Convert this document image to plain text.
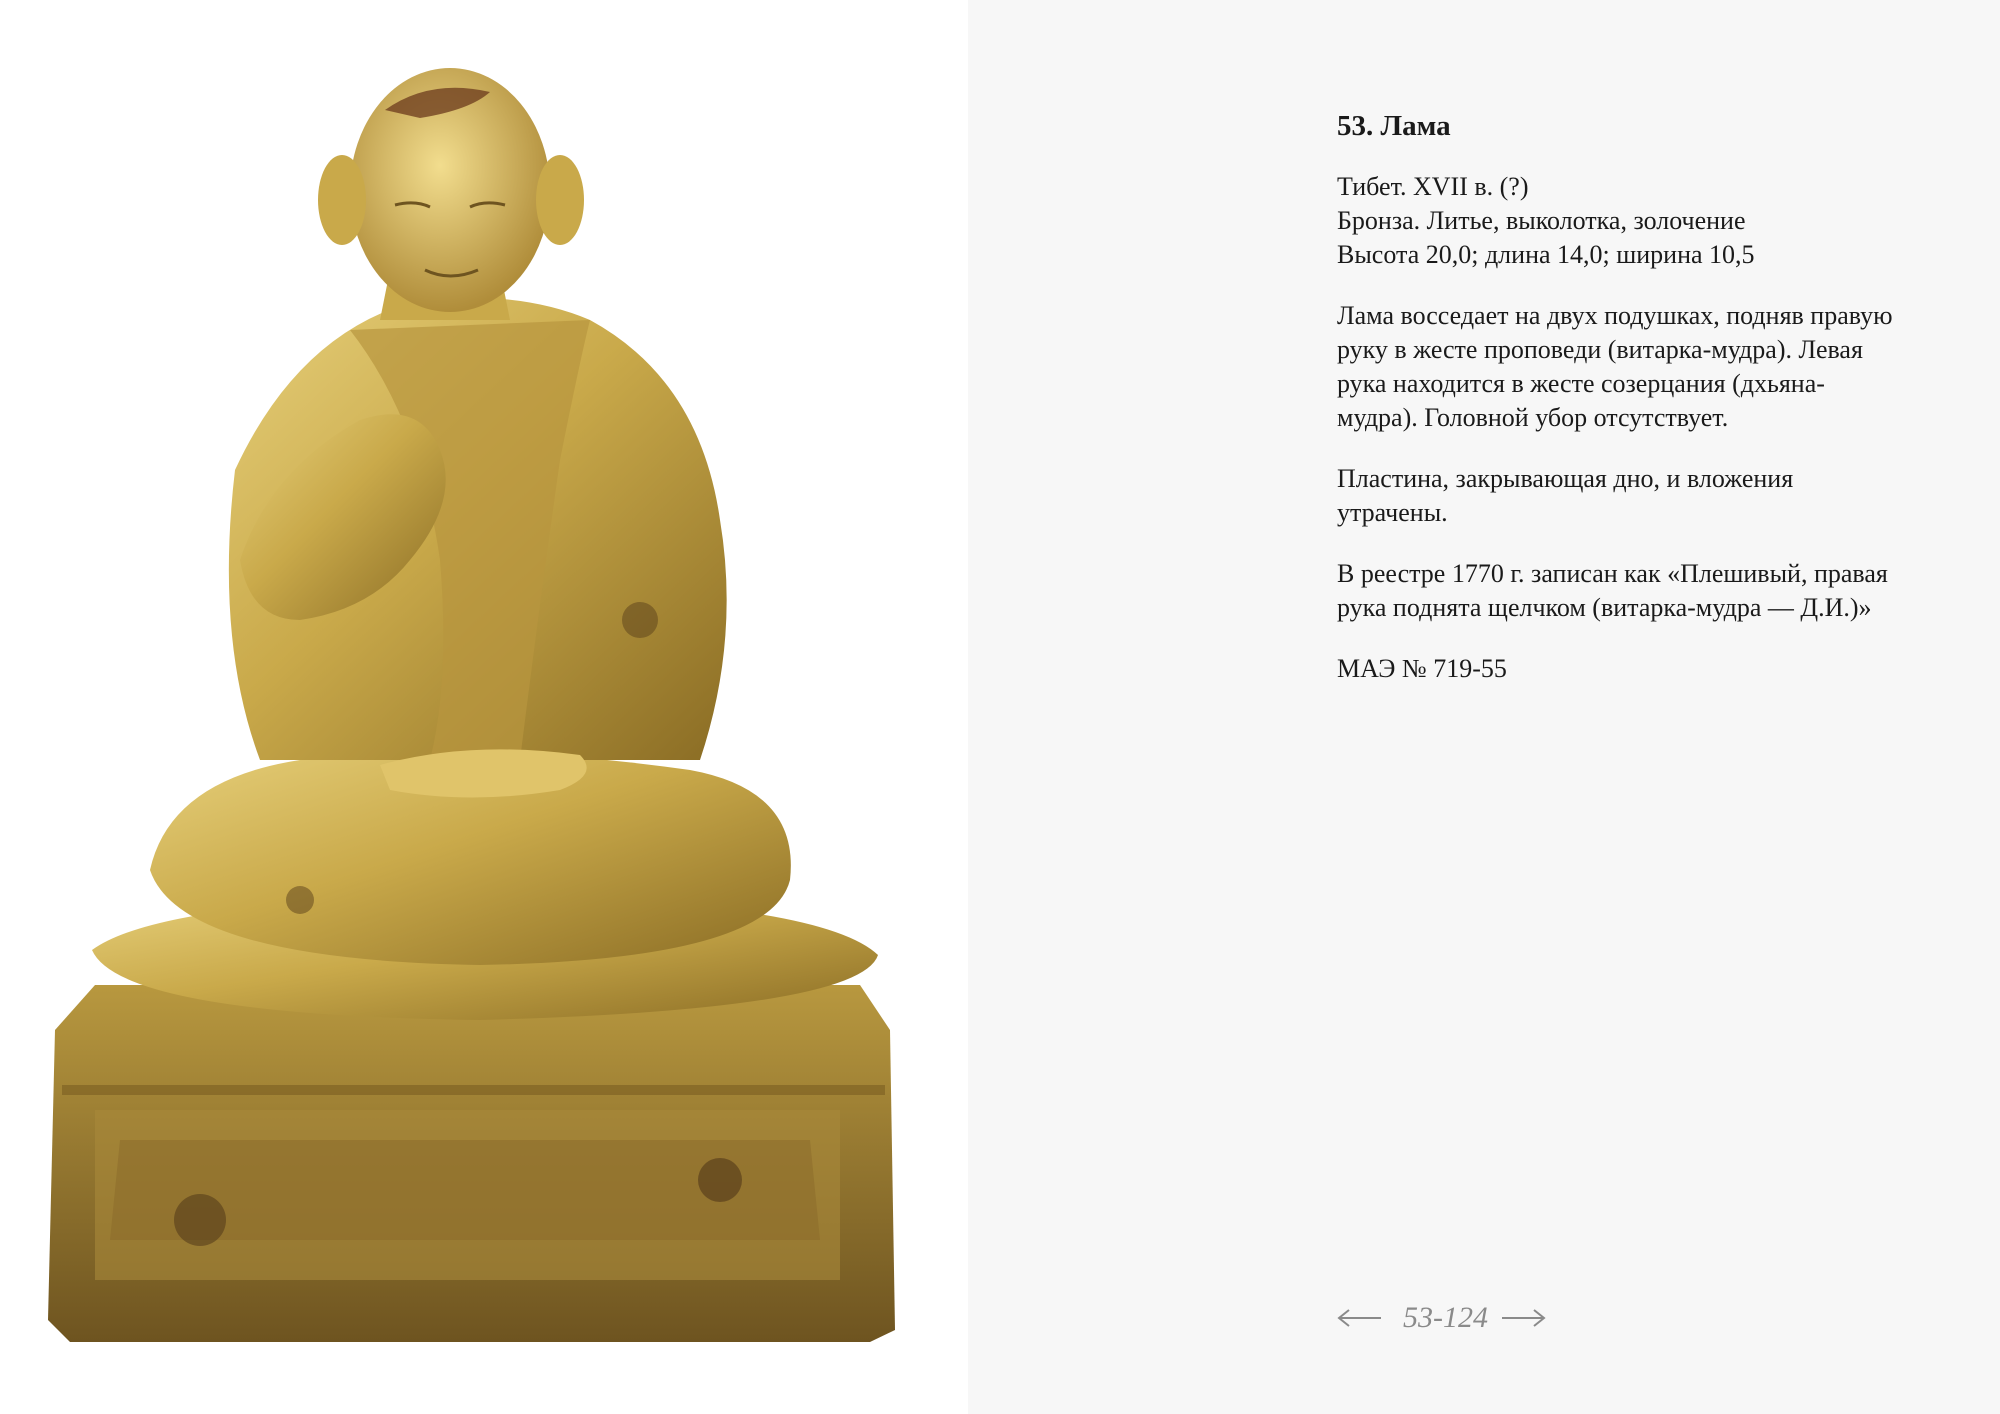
53. Лама
Тибет. XVII в. (?)
Бронза. Литье, выколотка, золочение
Высота 20,0; длина 14,0; ширина 10,5
Лама восседает на двух подушках, подняв правую руку в жесте проповеди (витарка-мудра). Левая рука находится в жесте созерцания (дхьяна-мудра). Головной убор отсутствует.
Пластина, закрывающая дно, и вложения утрачены.
В реестре 1770 г. записан как «Плешивый, правая рука поднята щелчком (витарка-мудра — Д.И.)»
МАЭ № 719-55
53-124
